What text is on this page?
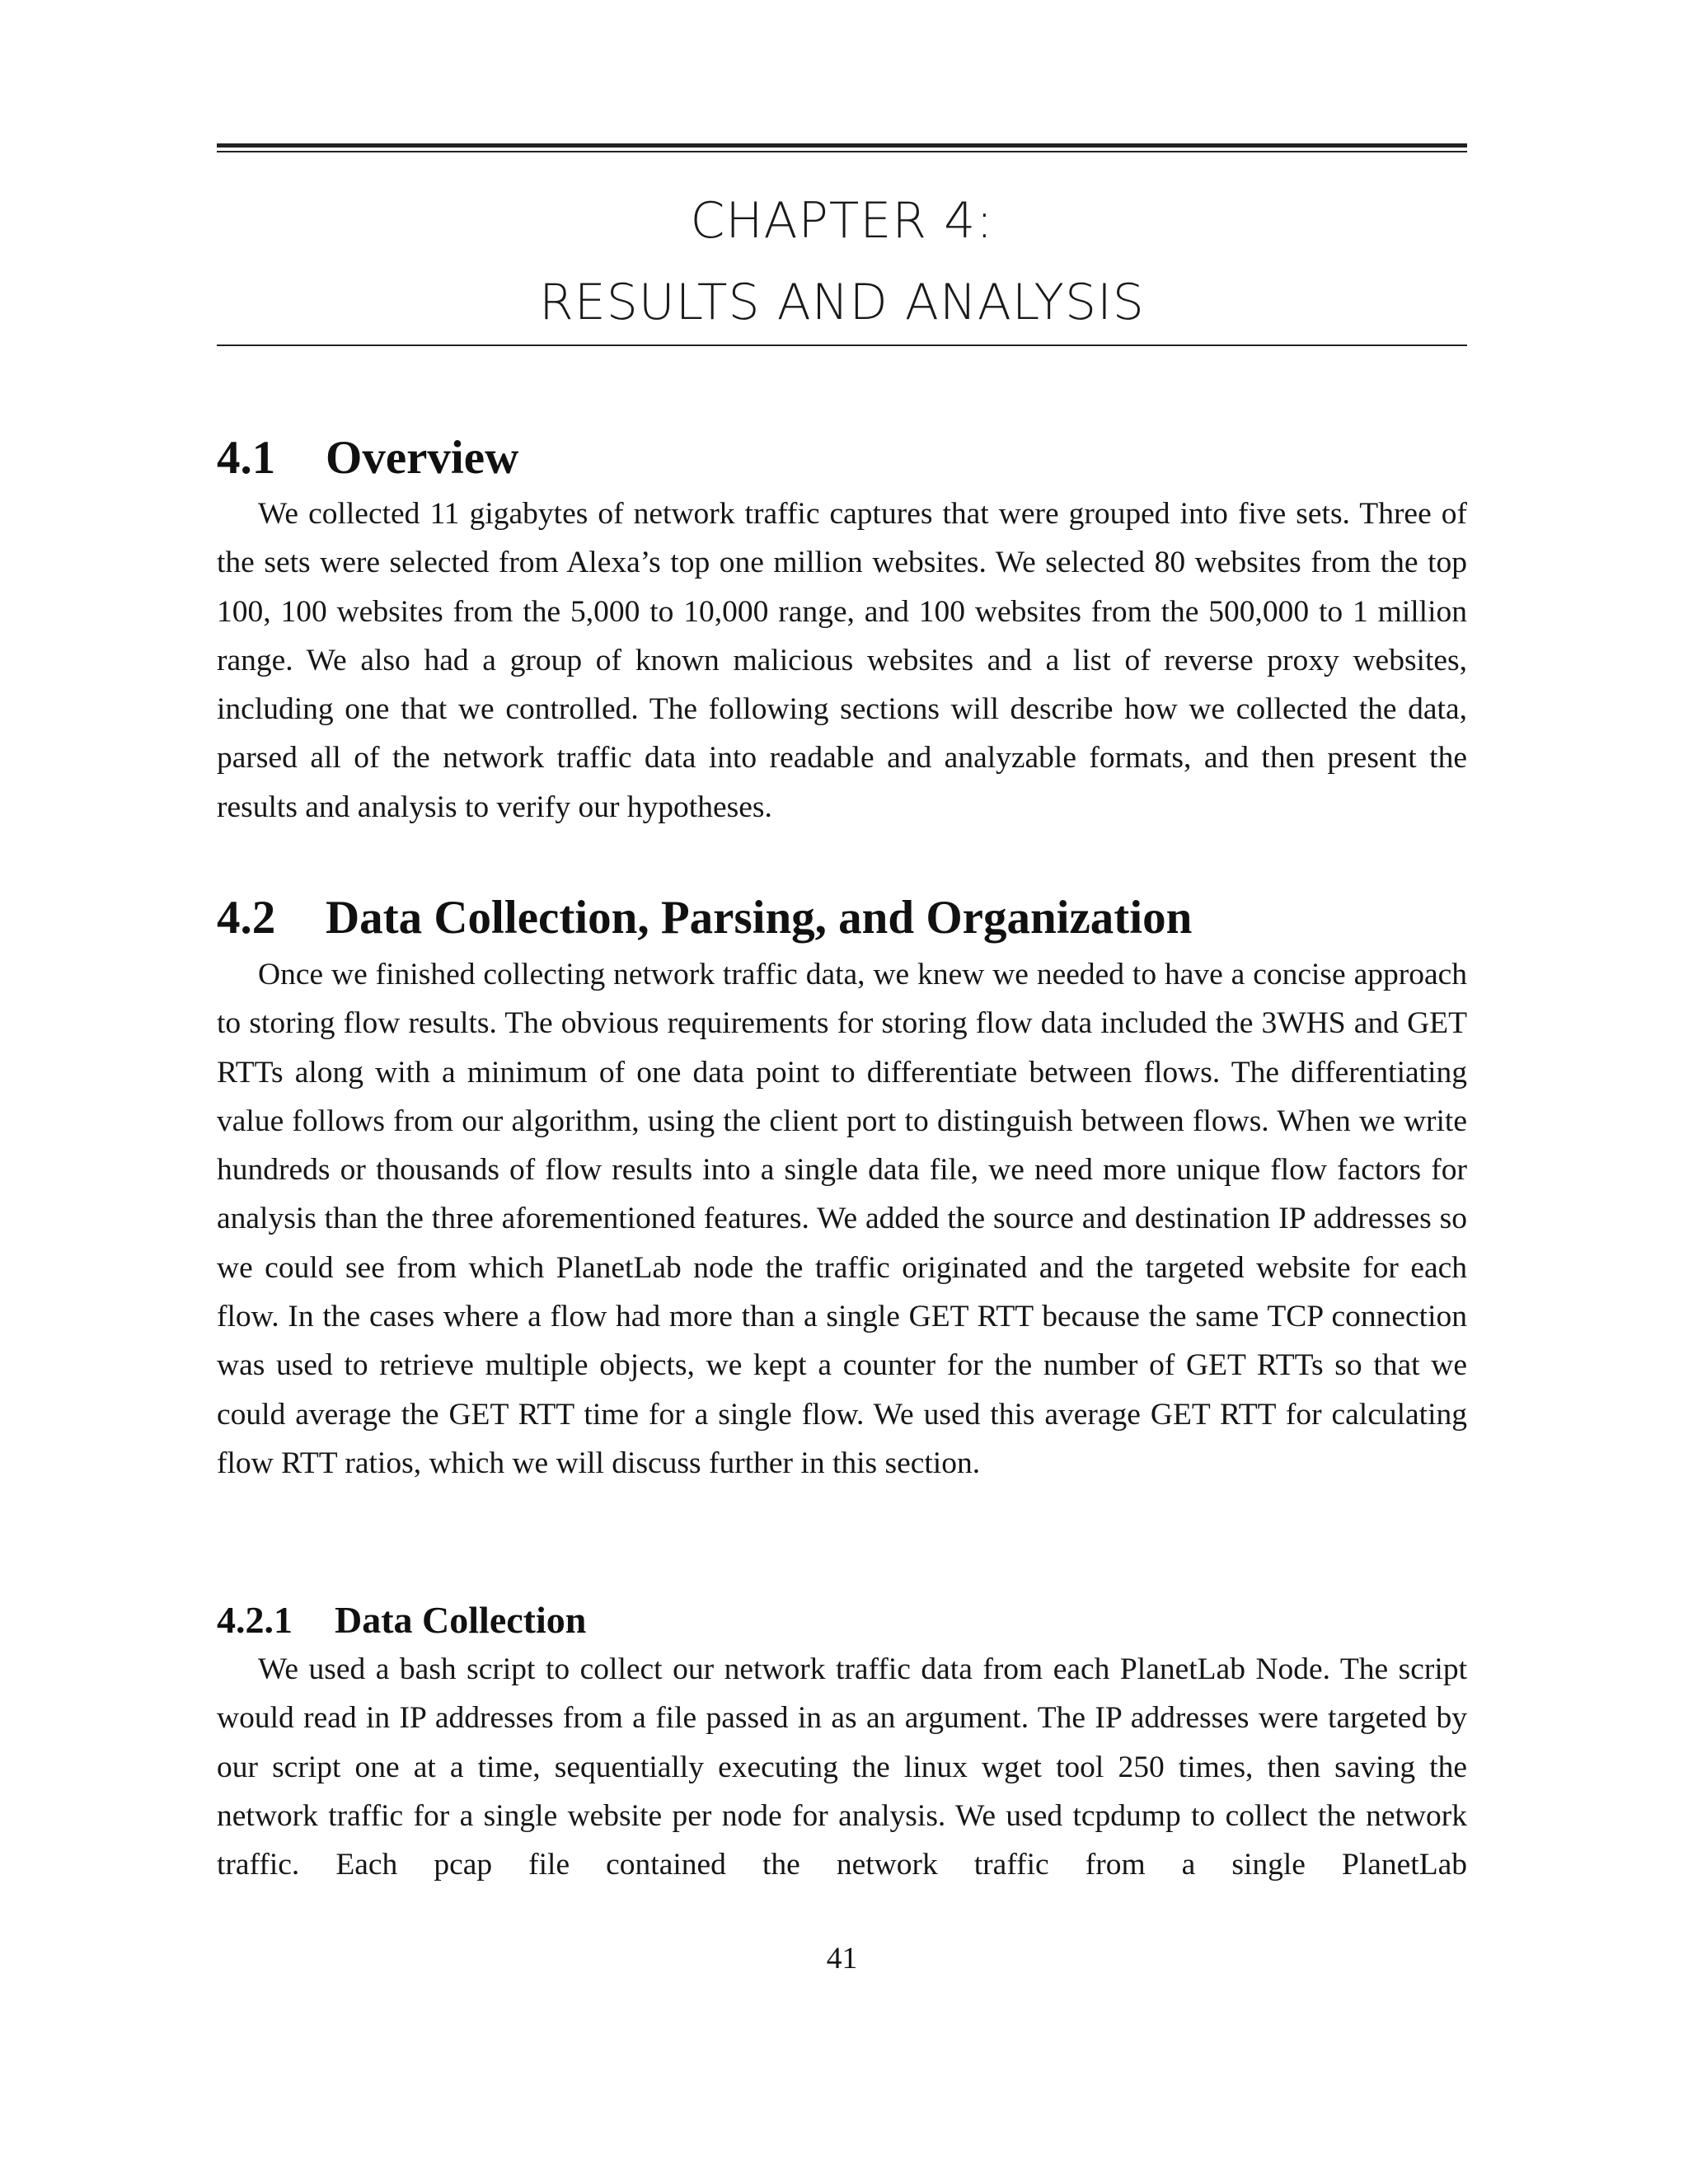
CHAPTER 4:
RESULTS AND ANALYSIS
4.1 Overview

We collected 11 gigabytes of network traffic captures that were grouped into five sets. Three of the sets were selected from Alexa’s top one million websites. We selected 80 websites from the top 100, 100 websites from the 5,000 to 10,000 range, and 100 websites from the 500,000 to 1 million range. We also had a group of known malicious websites and a list of reverse proxy websites, including one that we controlled. The following sections will describe how we collected the data, parsed all of the network traffic data into readable and analyzable formats, and then present the results and analysis to verify our hypotheses.

4.2 Data Collection, Parsing, and Organization

Once we finished collecting network traffic data, we knew we needed to have a concise approach to storing flow results. The obvious requirements for storing flow data included the 3WHS and GET RTTs along with a minimum of one data point to differentiate between flows. The differentiating value follows from our algorithm, using the client port to distinguish between flows. When we write hundreds or thousands of flow results into a single data file, we need more unique flow factors for analysis than the three aforementioned features. We added the source and destination IP addresses so we could see from which PlanetLab node the traffic originated and the targeted website for each flow. In the cases where a flow had more than a single GET RTT because the same TCP connection was used to retrieve multiple objects, we kept a counter for the number of GET RTTs so that we could average the GET RTT time for a single flow. We used this average GET RTT for calculating flow RTT ratios, which we will discuss further in this section.

4.2.1 Data Collection

We used a bash script to collect our network traffic data from each PlanetLab Node. The script would read in IP addresses from a file passed in as an argument. The IP addresses were targeted by our script one at a time, sequentially executing the linux wget tool 250 times, then saving the network traffic for a single website per node for analysis. We used tcpdump to collect the network traffic. Each pcap file contained the network traffic from a single PlanetLab

41
